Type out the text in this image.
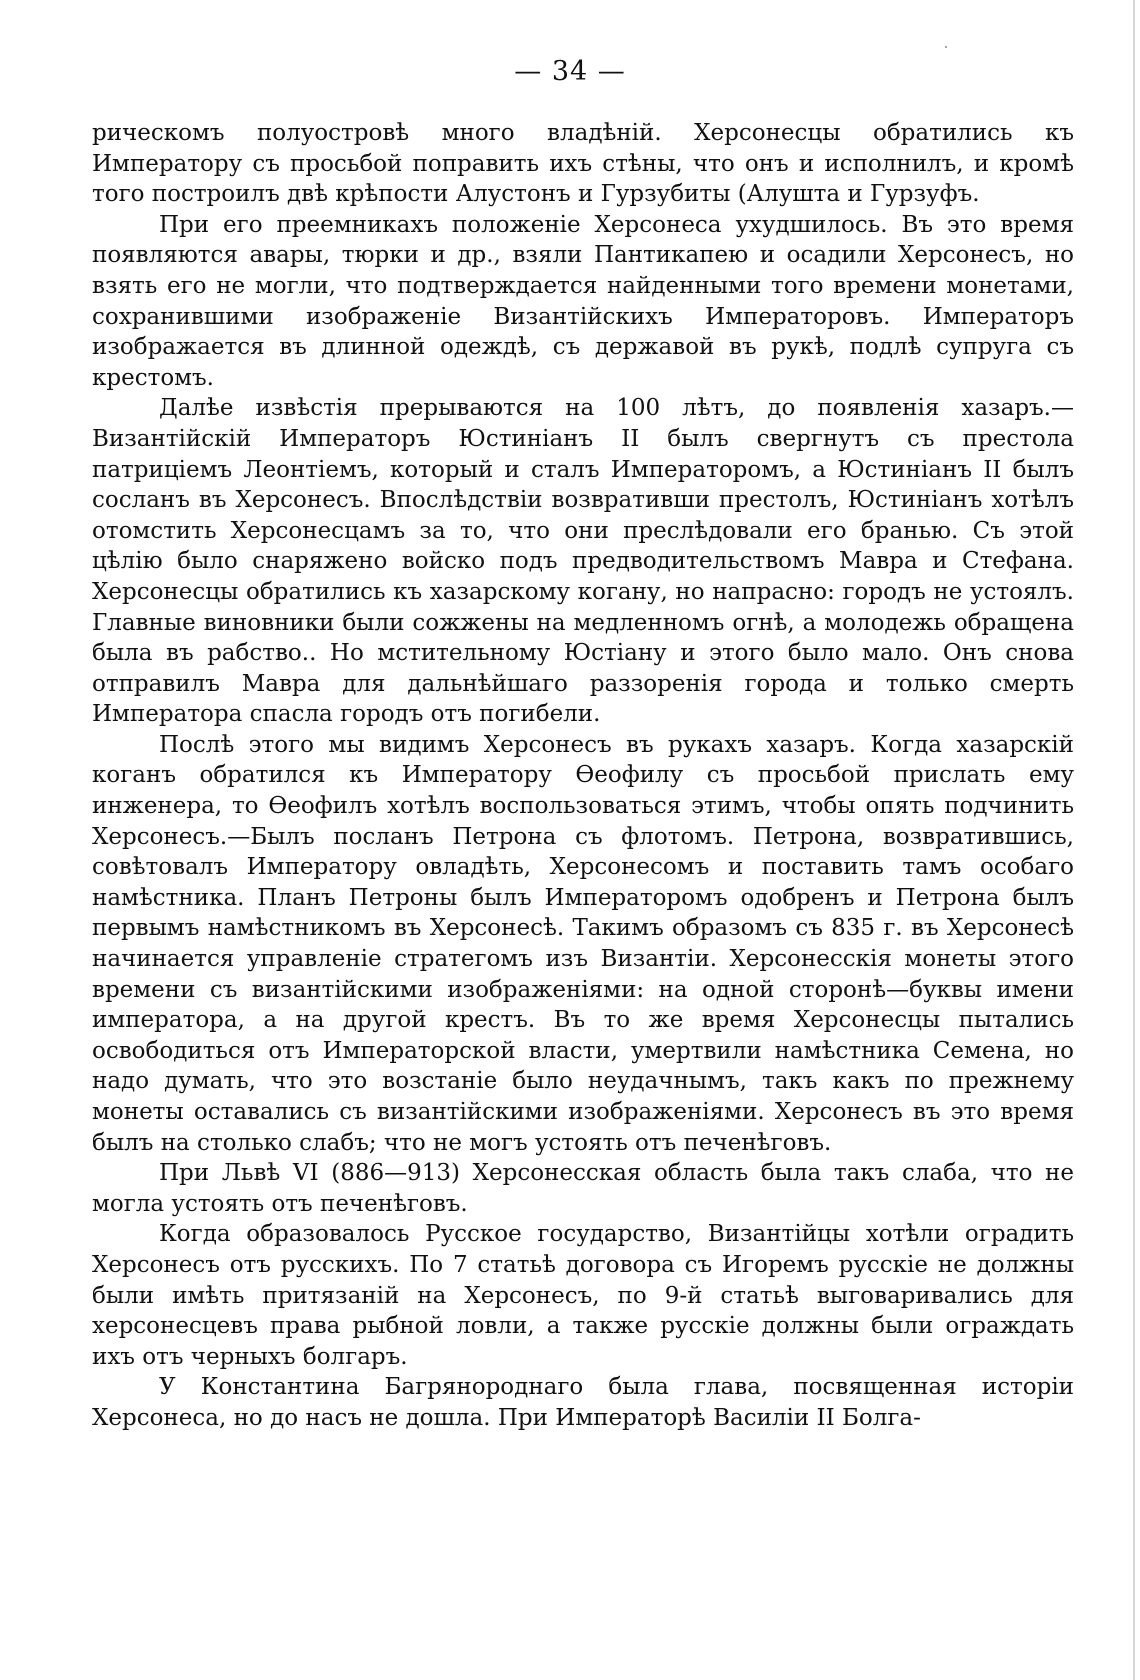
— 34 —

рическомъ полуостровѣ много владѣній. Херсонесцы обратились къ Императору съ просьбой поправить ихъ стѣны, что онъ и исполнилъ, и кромѣ того построилъ двѣ крѣпости Алустонъ и Гурзубиты (Алушта и Гурзуфъ.

При его преемникахъ положеніе Херсонеса ухудшилось. Въ это время появляются авары, тюрки и др., взяли Пантикапею и осадили Херсонесъ, но взять его не могли, что подтверждается найденными того времени монетами, сохранившими изображеніе Византійскихъ Императоровъ. Императоръ изображается въ длинной одеждѣ, съ державой въ рукѣ, подлѣ супруга съ крестомъ.

Далѣе извѣстія прерываются на 100 лѣтъ, до появленія хазаръ.— Византійскій Императоръ Юстиніанъ II былъ свергнутъ съ престола патриціемъ Леонтіемъ, который и сталъ Императоромъ, а Юстиніанъ II былъ сосланъ въ Херсонесъ. Впослѣдствіи возвративши престолъ, Юстиніанъ хотѣлъ отомстить Херсонесцамъ за то, что они преслѣдовали его бранью. Съ этой цѣлію было снаряжено войско подъ предводительствомъ Мавра и Стефана. Херсонесцы обратились къ хазарскому когану, но напрасно: городъ не устоялъ. Главные виновники были сожжены на медленномъ огнѣ, а молодежь обращена была въ рабство.. Но мстительному Юстіану и этого было мало. Онъ снова отправилъ Мавра для дальнѣйшаго раззоренія города и только смерть Императора спасла городъ отъ погибели.

Послѣ этого мы видимъ Херсонесъ въ рукахъ хазаръ. Когда хазарскій коганъ обратился къ Императору Ѳеофилу съ просьбой прислать ему инженера, то Ѳеофилъ хотѣлъ воспользоваться этимъ, чтобы опять подчинить Херсонесъ.—Былъ посланъ Петрона съ флотомъ. Петрона, возвратившись, совѣтовалъ Императору овладѣть, Херсонесомъ и поставить тамъ особаго намѣстника. Планъ Петроны былъ Императоромъ одобренъ и Петрона былъ первымъ намѣстникомъ въ Херсонесѣ. Такимъ образомъ съ 835 г. въ Херсонесѣ начинается управленіе стратегомъ изъ Византіи. Херсонесскія монеты этого времени съ византійскими изображеніями: на одной сторонѣ—буквы имени императора, а на другой крестъ. Въ то же время Херсонесцы пытались освободиться отъ Императорской власти, умертвили намѣстника Семена, но надо думать, что это возстаніе было неудачнымъ, такъ какъ по прежнему монеты оставались съ византійскими изображеніями. Херсонесъ въ это время былъ на столько слабъ; что не могъ устоять отъ печенѣговъ.

При Львѣ VI (886—913) Херсонесская область была такъ слаба, что не могла устоять отъ печенѣговъ.

Когда образовалось Русское государство, Византійцы хотѣли оградить Херсонесъ отъ русскихъ. По 7 статьѣ договора съ Игоремъ русскіе не должны были имѣть притязаній на Херсонесъ, по 9-й статьѣ выговаривались для херсонесцевъ права рыбной ловли, а также русскіе должны были ограждать ихъ отъ черныхъ болгаръ.

У Константина Багрянороднаго была глава, посвященная исторіи Херсонеса, но до насъ не дошла. При Императорѣ Василіи II Болга-
